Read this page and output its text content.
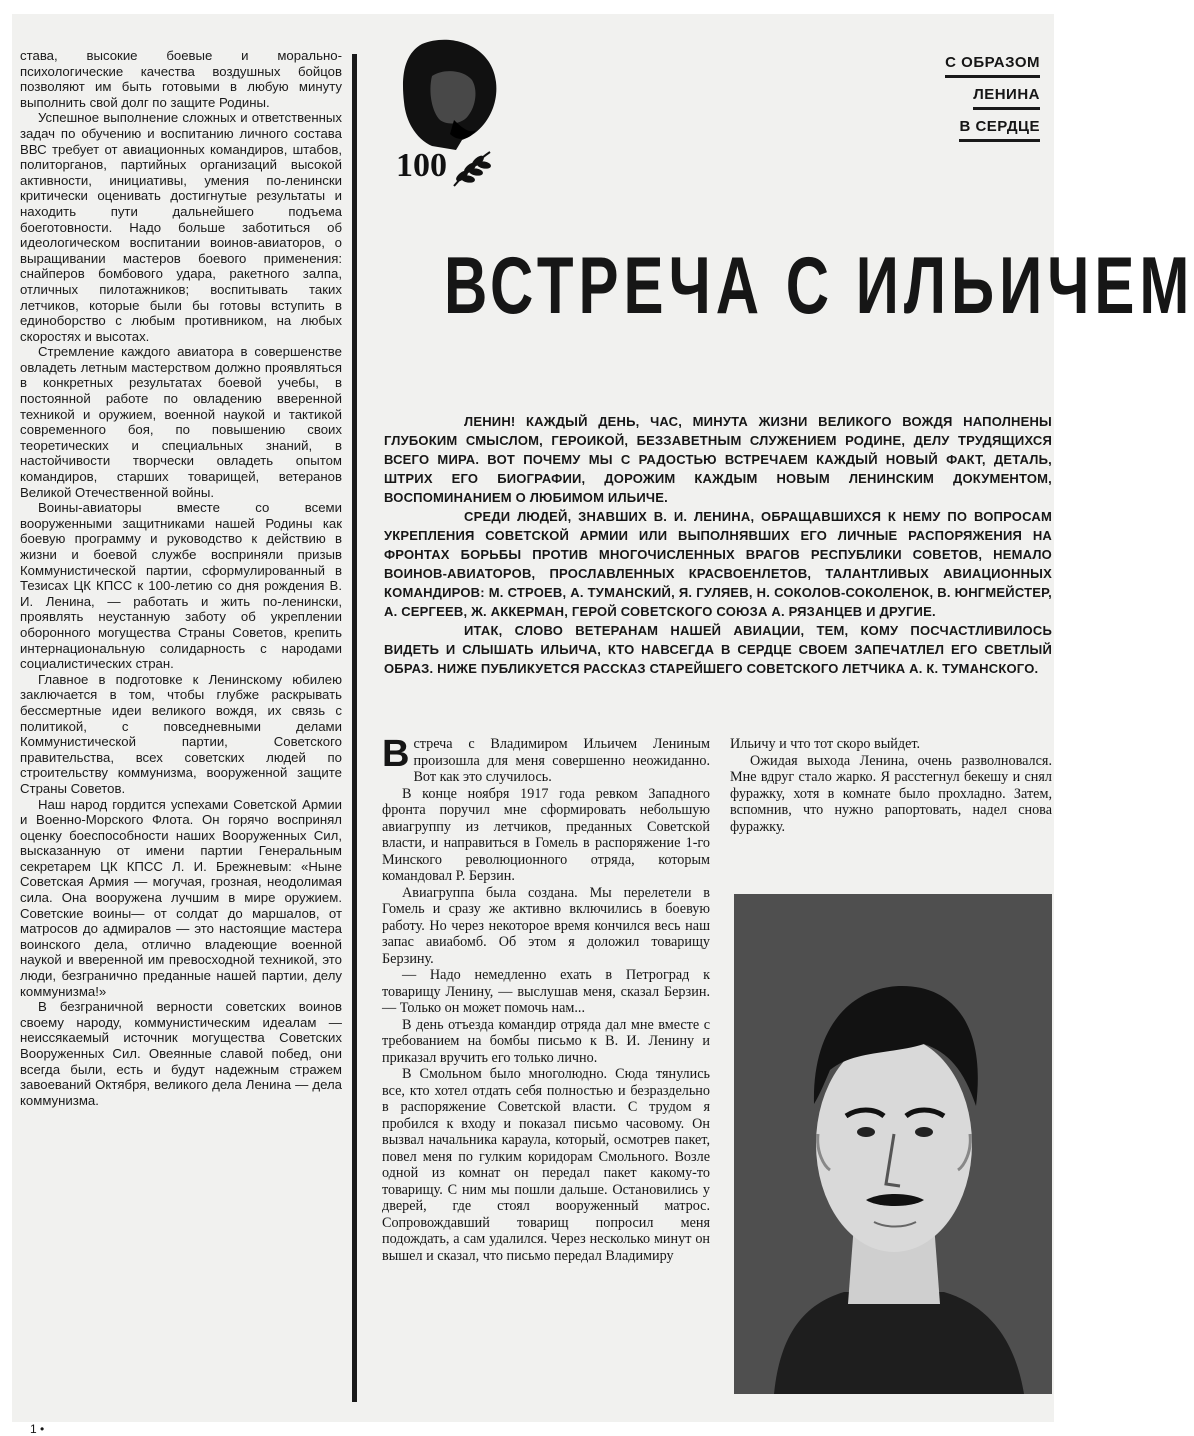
става, высокие боевые и морально-психологические качества воздушных бойцов позволяют им быть готовыми в любую минуту выполнить свой долг по защите Родины.

Успешное выполнение сложных и ответственных задач по обучению и воспитанию личного состава ВВС требует от авиационных командиров, штабов, политорганов, партийных организаций высокой активности, инициативы, умения по-ленински критически оценивать достигнутые результаты и находить пути дальнейшего подъема боеготовности. Надо больше заботиться об идеологическом воспитании воинов-авиаторов, о выращивании мастеров боевого применения: снайперов бомбового удара, ракетного залпа, отличных пилотажников; воспитывать таких летчиков, которые были бы готовы вступить в единоборство с любым противником, на любых скоростях и высотах.

Стремление каждого авиатора в совершенстве овладеть летным мастерством должно проявляться в конкретных результатах боевой учебы, в постоянной работе по овладению вверенной техникой и оружием, военной наукой и тактикой современного боя, по повышению своих теоретических и специальных знаний, в настойчивости творчески овладеть опытом командиров, старших товарищей, ветеранов Великой Отечественной войны.

Воины-авиаторы вместе со всеми вооруженными защитниками нашей Родины как боевую программу и руководство к действию в жизни и боевой службе восприняли призыв Коммунистической партии, сформулированный в Тезисах ЦК КПСС к 100-летию со дня рождения В. И. Ленина, — работать и жить по-ленински, проявлять неустанную заботу об укреплении оборонного могущества Страны Советов, крепить интернациональную солидарность с народами социалистических стран.

Главное в подготовке к Ленинскому юбилею заключается в том, чтобы глубже раскрывать бессмертные идеи великого вождя, их связь с политикой, с повседневными делами Коммунистической партии, Советского правительства, всех советских людей по строительству коммунизма, вооруженной защите Страны Советов.

Наш народ гордится успехами Советской Армии и Военно-Морского Флота. Он горячо воспринял оценку боеспособности наших Вооруженных Сил, высказанную от имени партии Генеральным секретарем ЦК КПСС Л. И. Брежневым: «Ныне Советская Армия — могучая, грозная, неодолимая сила. Она вооружена лучшим в мире оружием. Советские воины— от солдат до маршалов, от матросов до адмиралов — это настоящие мастера воинского дела, отлично владеющие военной наукой и вверенной им превосходной техникой, это люди, безгранично преданные нашей партии, делу коммунизма!»

В безграничной верности советских воинов своему народу, коммунистическим идеалам — неиссякаемый источник могущества Советских Вооруженных Сил. Овеянные славой побед, они всегда были, есть и будут надежным стражем завоеваний Октября, великого дела Ленина — дела коммунизма.

100
С ОБРАЗОМ
ЛЕНИНА
В СЕРДЦЕ
ВСТРЕЧА С ИЛЬИЧЕМ

ЛЕНИН! КАЖДЫЙ ДЕНЬ, ЧАС, МИНУТА ЖИЗНИ ВЕЛИКОГО ВОЖДЯ НАПОЛНЕНЫ ГЛУБОКИМ СМЫСЛОМ, ГЕРОИКОЙ, БЕЗЗАВЕТНЫМ СЛУЖЕНИЕМ РОДИНЕ, ДЕЛУ ТРУДЯЩИХСЯ ВСЕГО МИРА. ВОТ ПОЧЕМУ МЫ С РАДОСТЬЮ ВСТРЕЧАЕМ КАЖДЫЙ НОВЫЙ ФАКТ, ДЕТАЛЬ, ШТРИХ ЕГО БИОГРАФИИ, ДОРОЖИМ КАЖДЫМ НОВЫМ ЛЕНИНСКИМ ДОКУМЕНТОМ, ВОСПОМИНАНИЕМ О ЛЮБИМОМ ИЛЬИЧЕ.

СРЕДИ ЛЮДЕЙ, ЗНАВШИХ В. И. ЛЕНИНА, ОБРАЩАВШИХСЯ К НЕМУ ПО ВОПРОСАМ УКРЕПЛЕНИЯ СОВЕТСКОЙ АРМИИ ИЛИ ВЫПОЛНЯВШИХ ЕГО ЛИЧНЫЕ РАСПОРЯЖЕНИЯ НА ФРОНТАХ БОРЬБЫ ПРОТИВ МНОГОЧИСЛЕННЫХ ВРАГОВ РЕСПУБЛИКИ СОВЕТОВ, НЕМАЛО ВОИНОВ-АВИАТОРОВ, ПРОСЛАВЛЕННЫХ КРАСВОЕНЛЕТОВ, ТАЛАНТЛИВЫХ АВИАЦИОННЫХ КОМАНДИРОВ: М. СТРОЕВ, А. ТУМАНСКИЙ, Я. ГУЛЯЕВ, Н. СОКОЛОВ-СОКОЛЕНОК, В. ЮНГМЕЙСТЕР, А. СЕРГЕЕВ, Ж. АККЕРМАН, ГЕРОЙ СОВЕТСКОГО СОЮЗА А. РЯЗАНЦЕВ И ДРУГИЕ.

ИТАК, СЛОВО ВЕТЕРАНАМ НАШЕЙ АВИАЦИИ, ТЕМ, КОМУ ПОСЧАСТЛИВИЛОСЬ ВИДЕТЬ И СЛЫШАТЬ ИЛЬИЧА, КТО НАВСЕГДА В СЕРДЦЕ СВОЕМ ЗАПЕЧАТЛЕЛ ЕГО СВЕТЛЫЙ ОБРАЗ. НИЖЕ ПУБЛИКУЕТСЯ РАССКАЗ СТАРЕЙШЕГО СОВЕТСКОГО ЛЕТЧИКА А. К. ТУМАНСКОГО.

Встреча с Владимиром Ильичем Лениным произошла для меня совершенно неожиданно. Вот как это случилось.

В конце ноября 1917 года ревком Западного фронта поручил мне сформировать небольшую авиагруппу из летчиков, преданных Советской власти, и направиться в Гомель в распоряжение 1-го Минского революционного отряда, которым командовал Р. Берзин.

Авиагруппа была создана. Мы перелетели в Гомель и сразу же активно включились в боевую работу. Но через некоторое время кончился весь наш запас авиабомб. Об этом я доложил товарищу Берзину.

— Надо немедленно ехать в Петроград к товарищу Ленину, — выслушав меня, сказал Берзин. — Только он может помочь нам...

В день отъезда командир отряда дал мне вместе с требованием на бомбы письмо к В. И. Ленину и приказал вручить его только лично.

В Смольном было многолюдно. Сюда тянулись все, кто хотел отдать себя полностью и безраздельно в распоряжение Советской власти. С трудом я пробился к входу и показал письмо часовому. Он вызвал начальника караула, который, осмотрев пакет, повел меня по гулким коридорам Смольного. Возле одной из комнат он передал пакет какому-то товарищу. С ним мы пошли дальше. Остановились у дверей, где стоял вооруженный матрос. Сопровождавший товарищ попросил меня подождать, а сам удалился. Через несколько минут он вышел и сказал, что письмо передал Владимиру

Ильичу и что тот скоро выйдет.

Ожидая выхода Ленина, очень разволновался. Мне вдруг стало жарко. Я расстегнул бекешу и снял фуражку, хотя в комнате было прохладно. Затем, вспомнив, что нужно рапортовать, надел снова фуражку.

1 •
